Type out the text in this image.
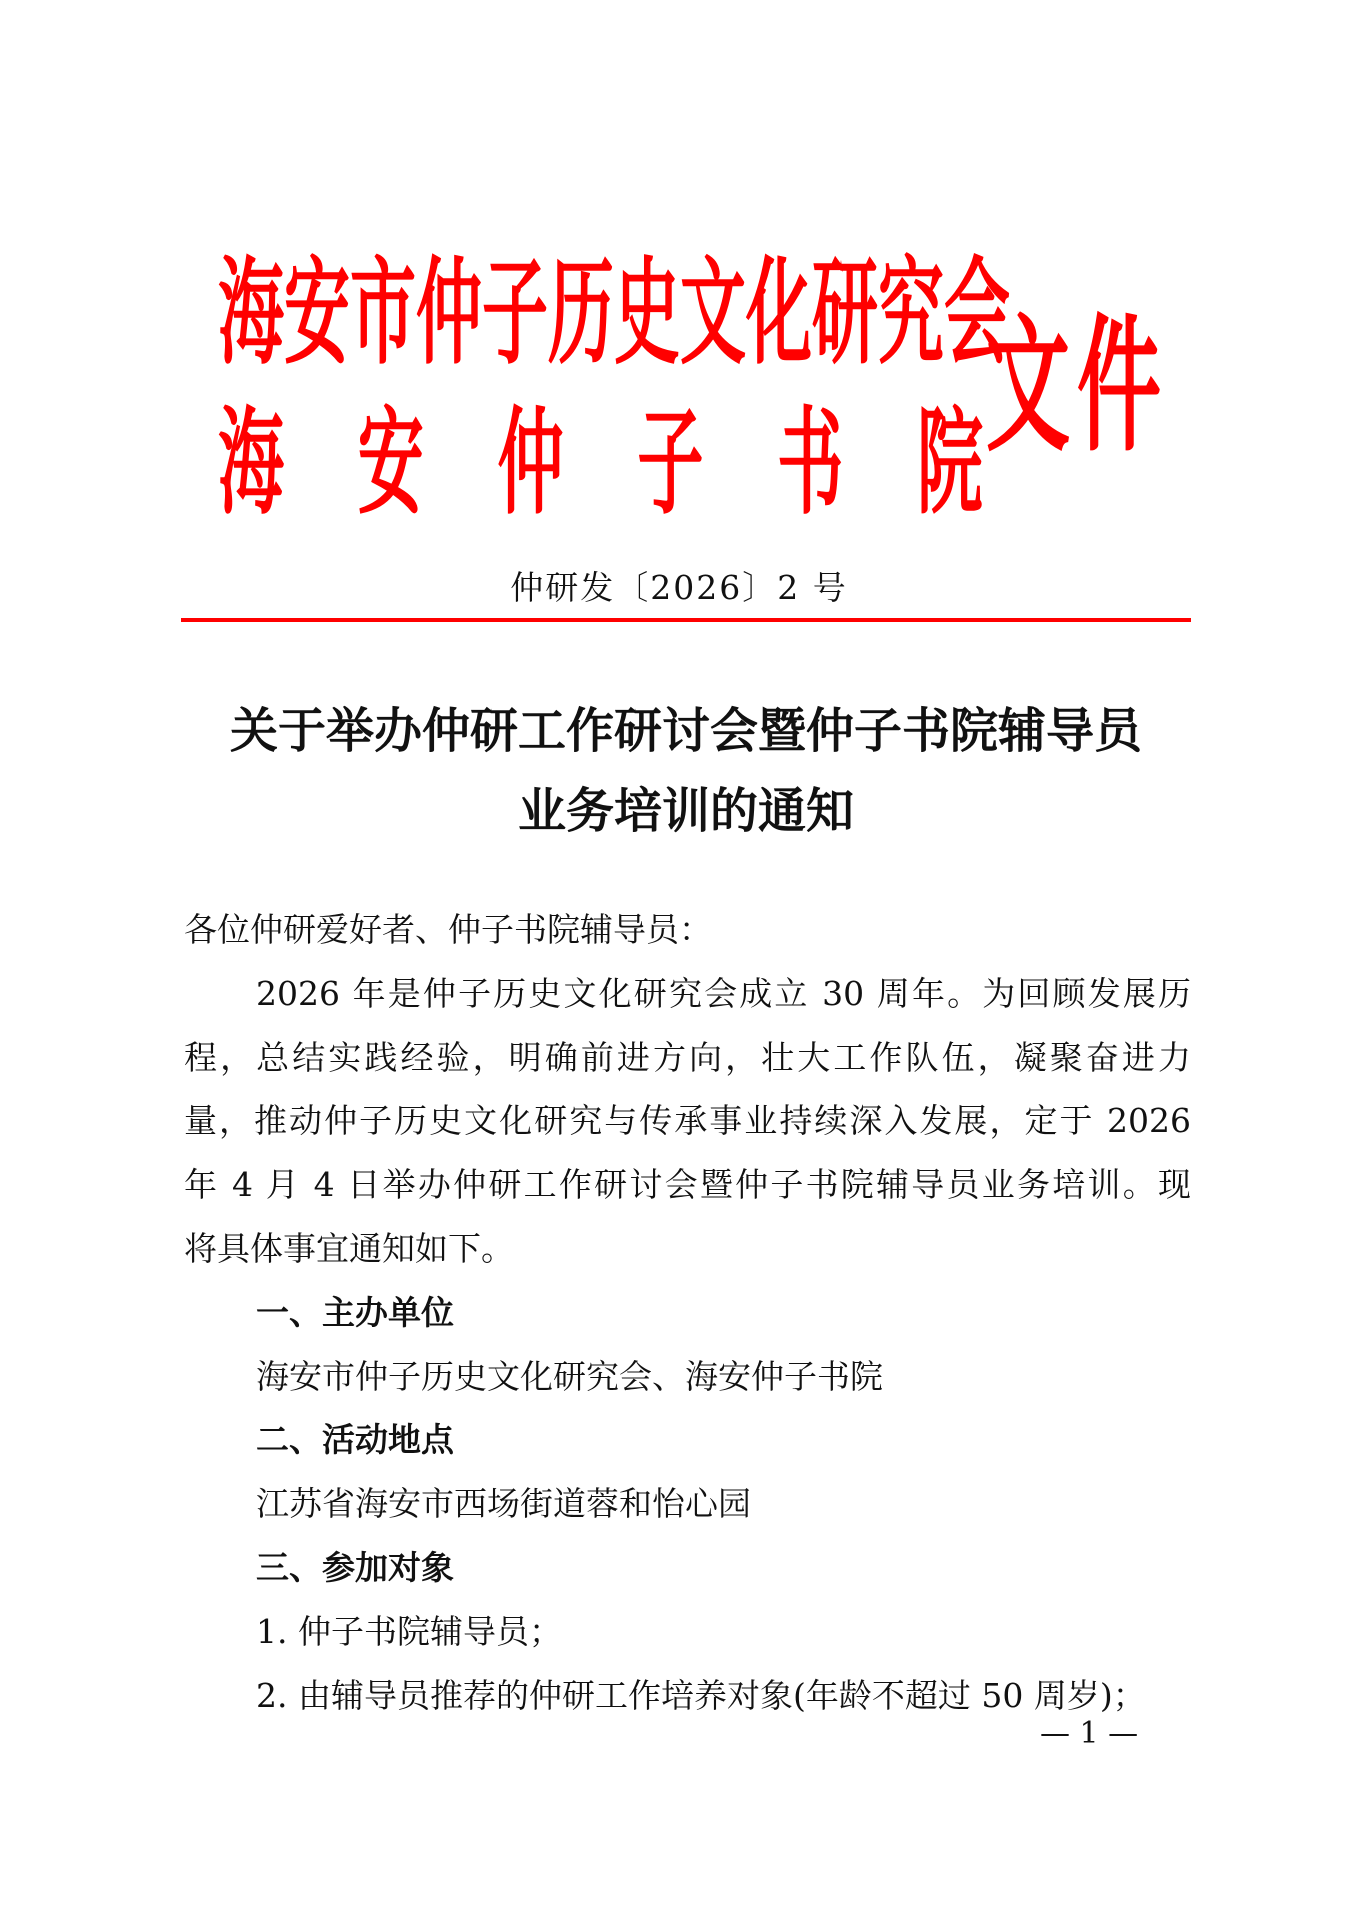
海 安 市 仲 子 历 史 文 化 研 究 会
海 安 仲 子 书 院 文 件
仲研发〔2026〕2 号
关于举办仲研工作研讨会暨仲子书院辅导员
业务培训的通知
各位仲研爱好者、仲子书院辅导员：
2026 年是仲子历史文化研究会成立 30 周年。为回顾发展历
程，总结实践经验，明确前进方向，壮大工作队伍，凝聚奋进力
量，推动仲子历史文化研究与传承事业持续深入发展，定于 2026
年 4 月 4 日举办仲研工作研讨会暨仲子书院辅导员业务培训。现
将具体事宜通知如下。
一、主办单位
海安市仲子历史文化研究会、海安仲子书院
二、活动地点
江苏省海安市西场街道蓉和怡心园
三、参加对象
1. 仲子书院辅导员；
2. 由辅导员推荐的仲研工作培养对象(年龄不超过 50 周岁)；
— 1 —
